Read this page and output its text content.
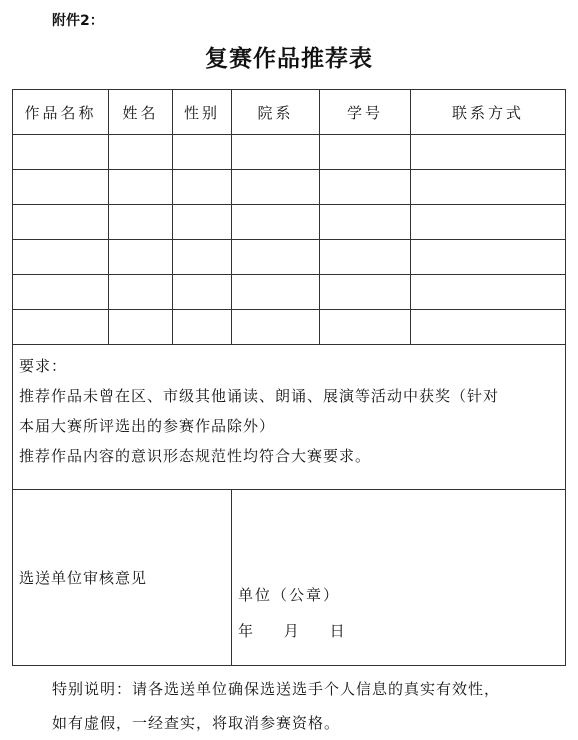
附件2：
复赛作品推荐表
作品名称	姓名	性别	院系	学号	联系方式

要求：
推荐作品未曾在区、市级其他诵读、朗诵、展演等活动中获奖（针对
本届大赛所评选出的参赛作品除外）
推荐作品内容的意识形态规范性均符合大赛要求。					

选送单位审核意见			单位（公章）
年 月 日		
特别说明：请各选送单位确保选送选手个人信息的真实有效性，
如有虚假，一经查实，将取消参赛资格。
